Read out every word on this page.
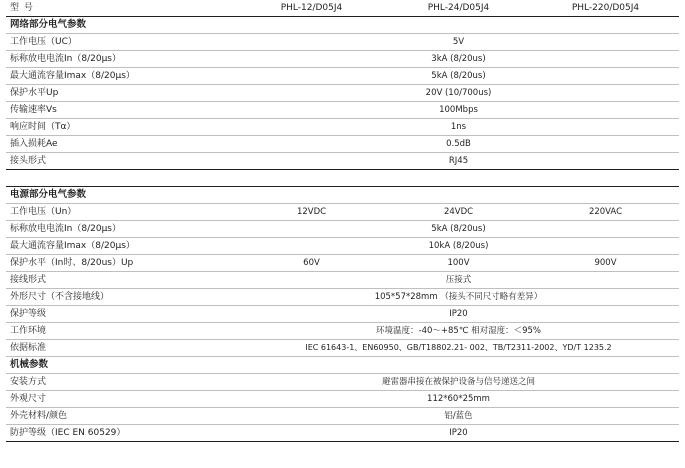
型 号	PHL-12/D05J4	PHL-24/D05J4	PHL-220/D05J4
网络部分电气参数			
工作电压（UC）	5V		
标称放电电流In（8/20μs）	3kA (8/20us)		
最大通流容量Imax（8/20μs）	5kA (8/20us)		
保护水平Up	20V (10/700us)		
传输速率Vs	100Mbps		
响应时间（Tα）	1ns		
插入损耗Ae	0.5dB		
接头形式	RJ45		

电源部分电气参数			
工作电压（Un）	12VDC	24VDC	220VAC
标称放电电流In（8/20μs）	5kA (8/20us)		
最大通流容量Imax（8/20μs）	10kA (8/20us)		
保护水平（In时、8/20us）Up	60V	100V	900V
接线形式	压接式		
外形尺寸（不含接地线）	105*57*28mm （接头不同尺寸略有差异）		
保护等级	IP20		
工作环境	环境温度：-40～+85℃ 相对湿度：＜95%		
依据标准	IEC 61643-1、EN60950、GB/T18802.21- 002、TB/T2311-2002、YD/T 1235.2		
机械参数			
安装方式	避雷器串接在被保护设备与信号递送之间		
外观尺寸	112*60*25mm		
外壳材料/颜色	铝/蓝色		
防护等级（IEC EN 60529）	IP20		
